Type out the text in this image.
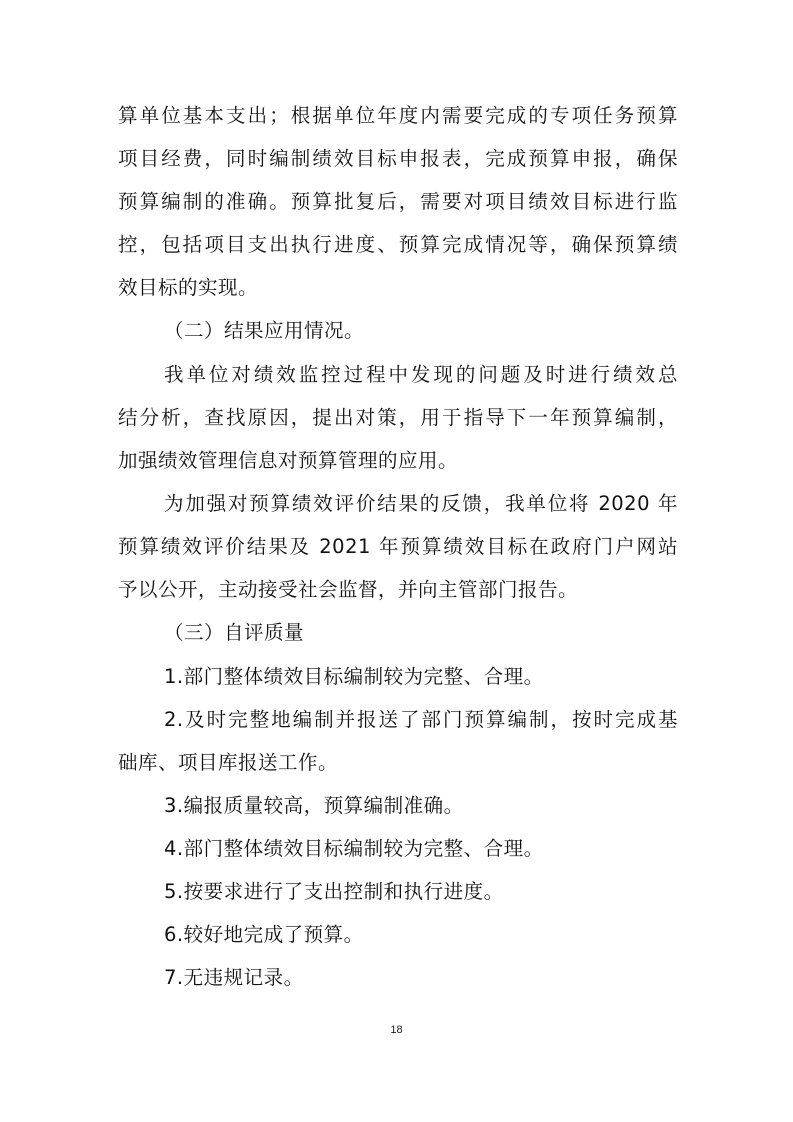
算单位基本支出；根据单位年度内需要完成的专项任务预算
项目经费，同时编制绩效目标申报表，完成预算申报，确保
预算编制的准确。预算批复后，需要对项目绩效目标进行监
控，包括项目支出执行进度、预算完成情况等，确保预算绩
效目标的实现。
（二）结果应用情况。
我单位对绩效监控过程中发现的问题及时进行绩效总
结分析，查找原因，提出对策，用于指导下一年预算编制，
加强绩效管理信息对预算管理的应用。
为加强对预算绩效评价结果的反馈，我单位将 2020 年
预算绩效评价结果及 2021 年预算绩效目标在政府门户网站
予以公开，主动接受社会监督，并向主管部门报告。
（三）自评质量
1.部门整体绩效目标编制较为完整、合理。
2.及时完整地编制并报送了部门预算编制，按时完成基
础库、项目库报送工作。
3.编报质量较高，预算编制准确。
4.部门整体绩效目标编制较为完整、合理。
5.按要求进行了支出控制和执行进度。
6.较好地完成了预算。
7.无违规记录。
18
